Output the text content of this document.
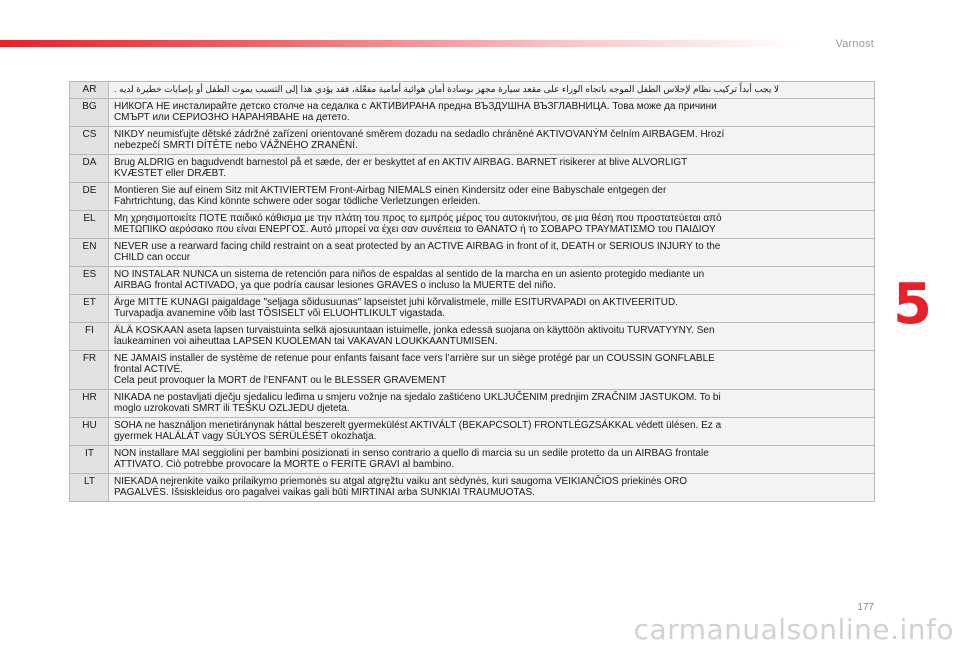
Varnost
AR	لا يجب أبداً تركيب نظام لإجلاس الطفل الموجه باتجاه الوراء على مقعد سيارة مجهز بوسادة أمان هوائية أمامية مفعّلة، فقد يؤدي هذا إلى التسبب بموت الطفل أو بإصابات خطيرة لديه .

BG	НИКОГА НЕ инсталирайте детско столче на седалка с АКТИВИРАНА предна ВЪЗДУШНА ВЪЗГЛАВНИЦА. Това може да причини
СМЪРТ или СЕРИОЗНО НАРАНЯВАНЕ на детето.

CS	NIKDY neumisťujte dětské zádržné zařízení orientované směrem dozadu na sedadlo chráněné AKTIVOVANÝM čelním AIRBAGEM. Hrozí
nebezpečí SMRTI DÍTĚTE nebo VÁŽNÉHO ZRANĚNÍ.

DA	Brug ALDRIG en bagudvendt barnestol på et sæde, der er beskyttet af en AKTIV AIRBAG. BARNET risikerer at blive ALVORLIGT
KVÆSTET eller DRÆBT.

DE	Montieren Sie auf einem Sitz mit AKTIVIERTEM Front-Airbag NIEMALS einen Kindersitz oder eine Babyschale entgegen der
Fahrtrichtung, das Kind könnte schwere oder sogar tödliche Verletzungen erleiden.

EL	Μη χρησιμοποιείτε ΠΟΤΕ παιδικό κάθισμα με την πλάτη του προς το εμπρός μέρος του αυτοκινήτου, σε μια θέση που προστατεύεται από
ΜΕΤΩΠΙΚΟ αερόσακο που είναι ΕΝΕΡΓΟΣ. Αυτό μπορεί να έχει σαν συνέπεια το ΘΑΝΑΤΟ ή το ΣΟΒΑΡΟ ΤΡΑΥΜΑΤΙΣΜΟ του ΠΑΙΔΙΟΥ

EN	NEVER use a rearward facing child restraint on a seat protected by an ACTIVE AIRBAG in front of it, DEATH or SERIOUS INJURY to the
CHILD can occur

ES	NO INSTALAR NUNCA un sistema de retención para niños de espaldas al sentido de la marcha en un asiento protegido mediante un
AIRBAG frontal ACTIVADO, ya que podría causar lesiones GRAVES o incluso la MUERTE del niño.

ET	Ärge MITTE KUNAGI paigaldage "seljaga sõidusuunas" lapseistet juhi kõrvalistmele, mille ESITURVAPADI on AKTIVEERITUD.
Turvapadja avanemine võib last TÕSISELT või ELUOHTLIKULT vigastada.

FI	ÄLÄ KOSKAAN aseta lapsen turvaistuinta selkä ajosuuntaan istuimelle, jonka edessä suojana on käyttöön aktivoitu TURVATYYNY. Sen
laukeaminen voi aiheuttaa LAPSEN KUOLEMAN tai VAKAVAN LOUKKAANTUMISEN.

FR	NE JAMAIS installer de système de retenue pour enfants faisant face vers l’arrière sur un siège protégé par un COUSSIN GONFLABLE
frontal ACTIVÉ.
Cela peut provoquer la MORT de l’ENFANT ou le BLESSER GRAVEMENT

HR	NIKADA ne postavljati dječju sjedalicu leđima u smjeru vožnje na sjedalo zaštićeno UKLJUČENIM prednjim ZRAČNIM JASTUKOM. To bi
moglo uzrokovati SMRT ili TEŠKU OZLJEDU djeteta.

HU	SOHA ne használjon menetiránynak háttal beszerelt gyermekülést AKTIVÁLT (BEKAPCSOLT) FRONTLÉGZSÁKKAL védett ülésen. Ez a
gyermek HALÁLÁT vagy SÚLYOS SÉRÜLÉSÉT okozhatja.

IT	NON installare MAI seggiolini per bambini posizionati in senso contrario a quello di marcia su un sedile protetto da un AIRBAG frontale
ATTIVATO. Ciò potrebbe provocare la MORTE o FERITE GRAVI al bambino.

LT	NIEKADA nejrenkite vaiko prilaikymo priemonės su atgal atgręžtu vaiku ant sėdynės, kuri saugoma VEIKIANČIOS priekinės ORO
PAGALVĖS. Išsiskleidus oro pagalvei vaikas gali būti MIRTINAI arba SUNKIAI TRAUMUOTAS.
5
177
carmanualsonline.info
